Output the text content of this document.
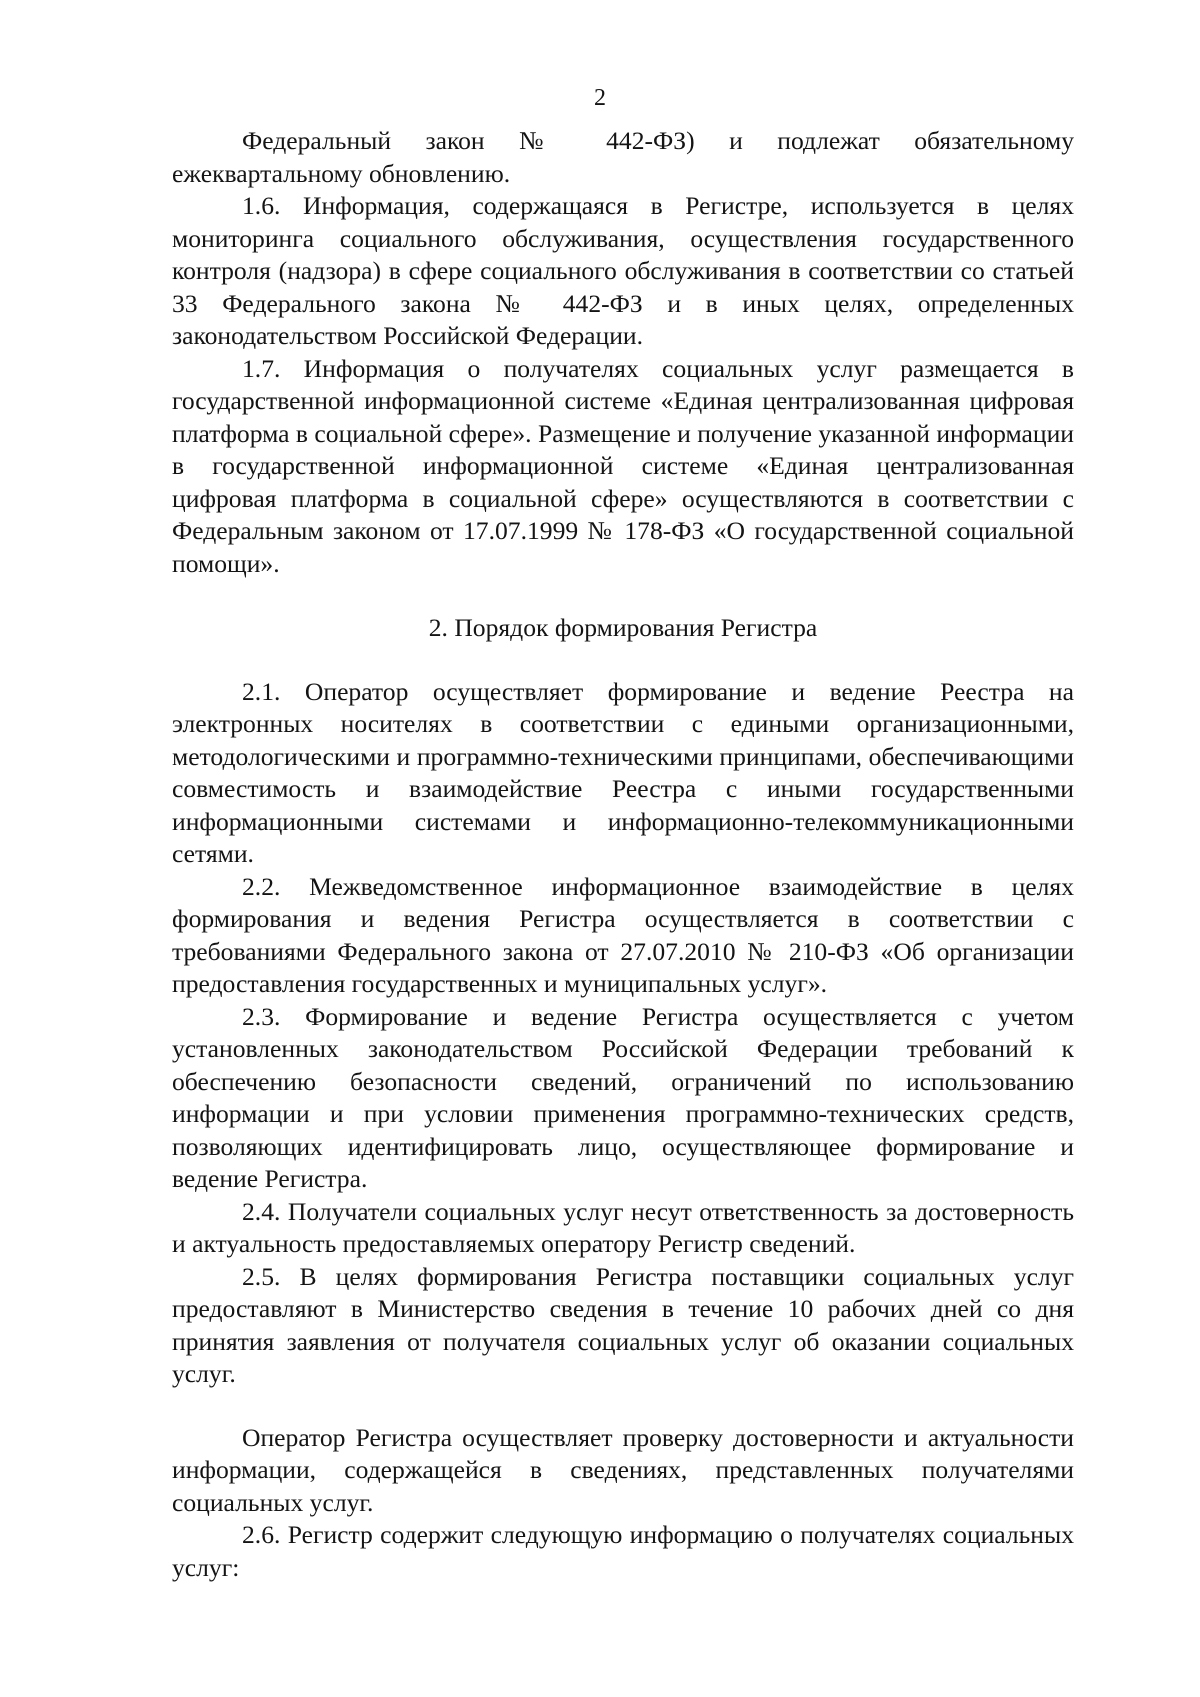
2

Федеральный закон № 442-ФЗ) и подлежат обязательному ежеквартальному обновлению.

1.6. Информация, содержащаяся в Регистре, используется в целях мониторинга социального обслуживания, осуществления государственного контроля (надзора) в сфере социального обслуживания в соответствии со статьей 33 Федерального закона № 442-ФЗ и в иных целях, определенных законодательством Российской Федерации.

1.7. Информация о получателях социальных услуг размещается в государственной информационной системе «Единая централизованная цифровая платформа в социальной сфере». Размещение и получение указанной информации в государственной информационной системе «Единая централизованная цифровая платформа в социальной сфере» осуществляются в соответствии с Федеральным законом от 17.07.1999 № 178-ФЗ «О государственной социальной помощи».

2. Порядок формирования Регистра

2.1. Оператор осуществляет формирование и ведение Реестра на электронных носителях в соответствии с едиными организационными, методологическими и программно-техническими принципами, обеспечивающими совместимость и взаимодействие Реестра с иными государственными информационными системами и информационно-телекоммуникационными сетями.

2.2. Межведомственное информационное взаимодействие в целях формирования и ведения Регистра осуществляется в соответствии с требованиями Федерального закона от 27.07.2010 № 210-ФЗ «Об организации предоставления государственных и муниципальных услуг».

2.3. Формирование и ведение Регистра осуществляется с учетом установленных законодательством Российской Федерации требований к обеспечению безопасности сведений, ограничений по использованию информации и при условии применения программно-технических средств, позволяющих идентифицировать лицо, осуществляющее формирование и ведение Регистра.

2.4. Получатели социальных услуг несут ответственность за достоверность и актуальность предоставляемых оператору Регистр сведений.

2.5. В целях формирования Регистра поставщики социальных услуг предоставляют в Министерство сведения в течение 10 рабочих дней со дня принятия заявления от получателя социальных услуг об оказании социальных услуг.

Оператор Регистра осуществляет проверку достоверности и актуальности информации, содержащейся в сведениях, представленных получателями социальных услуг.

2.6. Регистр содержит следующую информацию о получателях социальных услуг:
